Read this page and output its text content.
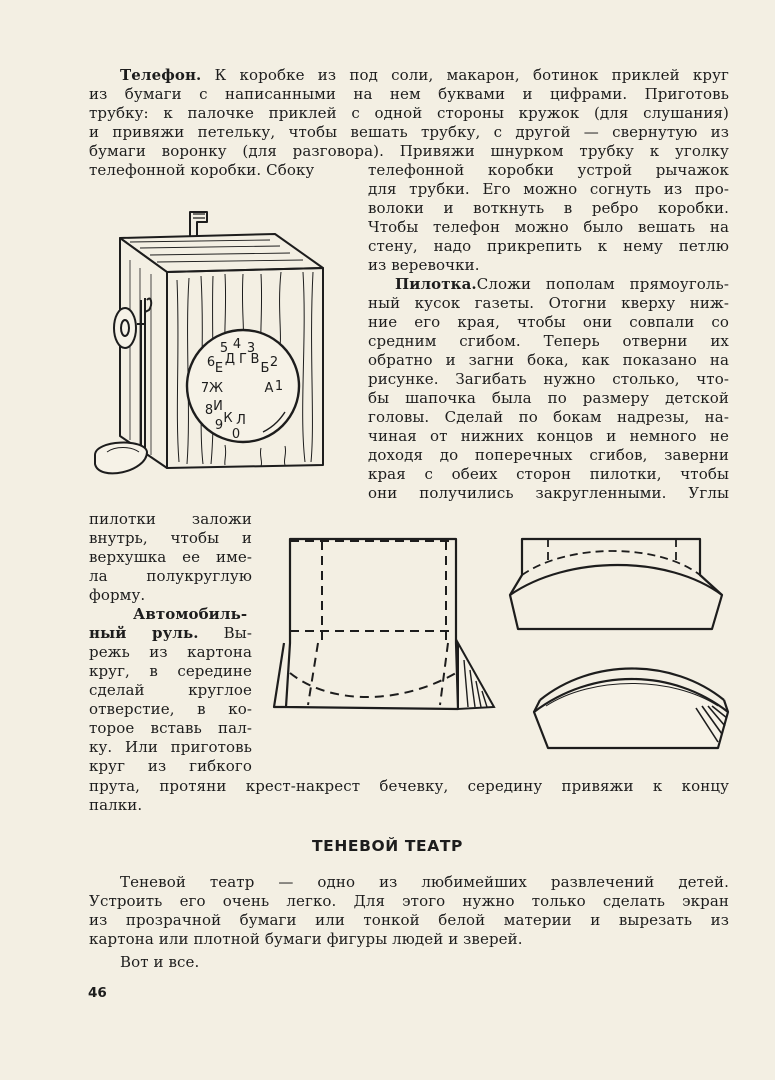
Телефон. К коробке из под соли, макарон, ботинок приклей круг

из бумаги с написанными на нем буквами и цифрами. Приготовь

трубку: к палочке приклей с одной стороны кружок (для слушания)

и привяжи петельку, чтобы вешать трубку, с другой — свернутую из

бумаги воронку (для разговора). Привяжи шнурком трубку к уголку

телефонной коробки. Сбоку	телефонной коробки устрой рычажок

для трубки. Его можно согнуть из про-

волоки и воткнуть в ребро коробки.

Чтобы телефон можно было вешать на

стену, надо прикрепить к нему петлю

из веревочки.

Пилотка.Сложи пополам прямоуголь-

ный кусок газеты. Отогни кверху ниж-

ние его края, чтобы они совпали со

средним сгибом. Теперь отверни их

обратно и загни бока, как показано на

рисунке. Загибать нужно столько, что-

бы шапочка была по размеру детской

головы. Сделай по бокам надрезы, на-

чиная от нижних концов и немного не

доходя до поперечных сгибов, заверни

края с обеих сторон пилотки, чтобы

они получились закругленными. Углы

пилотки заложи

внутрь, чтобы и

верхушка ее име-

ла полукруглую

форму.

Автомобиль-

ный руль. Вы-

режь из картона

круг, в середине

сделай круглое

отверстие, в ко-

торое вставь пал-

ку. Или приготовь

круг из гибкого

прута, протяни крест-накрест бечевку, середину привяжи к концу

палки.

ТЕНЕВОЙ ТЕАТР

Теневой театр — одно из любимейших развлечений детей.

Устроить его очень легко. Для этого нужно только сделать экран

из прозрачной бумаги или тонкой белой материи и вырезать из

картона или плотной бумаги фигуры людей и зверей.

Вот и все.

46

5 4 3
6 Е
Д Г В
Б 2
7 Ж	А 1
8 И
К
9 Л
0
